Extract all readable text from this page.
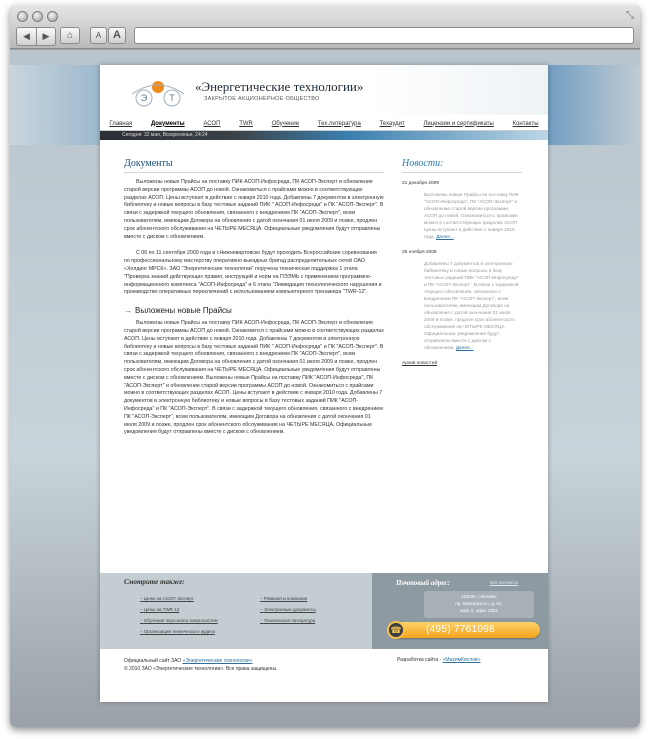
⤡
◀	▶	⌂	A	A
Э Т
«Энергетические технологии»
ЗАКРЫТОЕ АКЦИОНЕРНОЕ ОБЩЕСТВО
Главная	Документы	АСОП	TWR	Обучение	Тех.литература	Техаудит	Лицензии и сертификаты	Контакты
Сегодня: 32 мая, Воскресенье, 24:24
Документы

Выложены новые Прайсы на поставку ПИК АСОП-Инфосреда, ПК АСОП-Эксперт и обновление старой версии программы АСОП до новой. Ознакомиться с прайсами можно в соответствующих разделах АСОП. Цены вступают в действие с января 2010 года. Добавлены 7 документов в электронную библиотеку и новые вопросы в базу тестовых заданий ПИК " АСОП-Инфосреда" и ПК "АСОП-Эксперт". В связи с задержкой текущего обновления, связанного с внедрением ПК "АСОП-Эксперт", всем пользователям, имеющим Договора на обновления с датой окончания 01 июля 2009 и позже, продлен срок абонентского обслуживания на ЧЕТЫРЕ МЕСЯЦА. Официальные уведомления будут отправлены вместе с диском с обновлением.

С 06 по 11 сентября 2009 года в г.Нижневартовске будут проходить Всероссийские соревнования по профессиональному мастерству оперативно выездных бригад распределительных сетей ОАО «Холдинг МРСК». ЗАО "Энергетические технологии" поручена техническая поддержка 1 этапа "Проверка знаний действующих правил, инструкций и норм на ПЭЭМЬ с применением программно-информационного комплекса "АСОП-Инфосреда" и 6 этапа "Ликвидация технологического нарушения и производство оперативных переключений с использованием компьютерного тренажера "TWR-12".

→ Выложены новые Прайсы

Выложены новые Прайсы на поставку ПИК АСОП-Инфосреда, ПК АСОП-Эксперт и обновления старой версии программы АСОП до новой. Ознакомится с прайсами можно в соответствующих разделах АСОП. Цены вступают в действие с января 2010 года. Добавлены 7 документов в электронную библиотеку и новые вопросы в базу тестовых заданий ПИК " АСОП-Инфосреда" и ПК "АСОП-Эксперт". В связи с задержкой текущего обновления, связанного с внедрением ПК "АСОП-Эксперт", всем пользователям, имеющим Договора на обновления с датой окончания 01 июля 2009 и позже, продлен срок абонентского обслуживания на ЧЕТЫРЕ МЕСЯЦА. Официальные уведомления будут отправлены вместе с диском с обновлением. Выложены новые Прайсы на поставку ПИК "АСОП-Инфосреда", ПК "АСОП-Эксперт" и обновление старой версии программы АСОП до новой. Ознакомиться с прайсами можно в соответствующих разделах АСОП. Цены вступают в действие с января 2010 года. Добавлены 7 документов в электронную библиотеку и новые вопросы в базу тестовых заданий ПИК "АСОП-Инфосреда" и ПК "АСОП-Эксперт". В связи с задержкой текущего обновления, связанного с внедрением ПК "АСОП-Эксперт", всем пользователям, имеющим Договора на обновления с датой окончания 01 июля 2009 и позже, продлен срок абонентского обслуживания на ЧЕТЫРЕ МЕСЯЦА. Официальные уведомления будут отправлены вместе с диском с обновлением.

Новости:
21 декабря 2009
Выложены новые Прайсы на поставку ПИК "АСОП-Инфосреда", ПК "АСОП-Эксперт" и обновление старой версии программы АСОП до новой. Ознакомиться с прайсами можно в соответствующих разделах АСОП. Цены вступают в действие с января 2010 года. Далее...
25 ноября 2009
Добавлены 7 документов в электронную библиотеку и новые вопросы в базу тестовых заданий ПИК "АСОП-Инфосреда" и ПК "АСОП-Эксперт". В связи с задержкой текущего обновления, связанного с внедрением ПК "АСОП-Эксперт", всем пользователям, имеющим Договора на обновления с датой окончания 01 июля 2009 и позже, продлен срок абонентского обслуживания на ЧЕТЫРЕ МЕСЯЦА. Официальные уведомления будут отправлены вместе с диском с обновлением. Далее...
Архив новостей
Смотрите также:
– Цены на АСОП Эксперт
– Цены на TWR 12
– Обучение персонала энергосистем
– Организация технического аудита
– Реквизиты компании
– Электронные документы
– Техническая литература
Почтовый адрес:	Все контакты
115035, г.Москва,
пр. Верхядского, д. 84,
корп 2, офис 2001
☎	(495) 7761098
Официальный сайт ЗАО «Энергетические технологии»
© 2010 ЗАО «Энергетические технологии». Все права защищены.
Разработка сайта - «МахимКислов»
